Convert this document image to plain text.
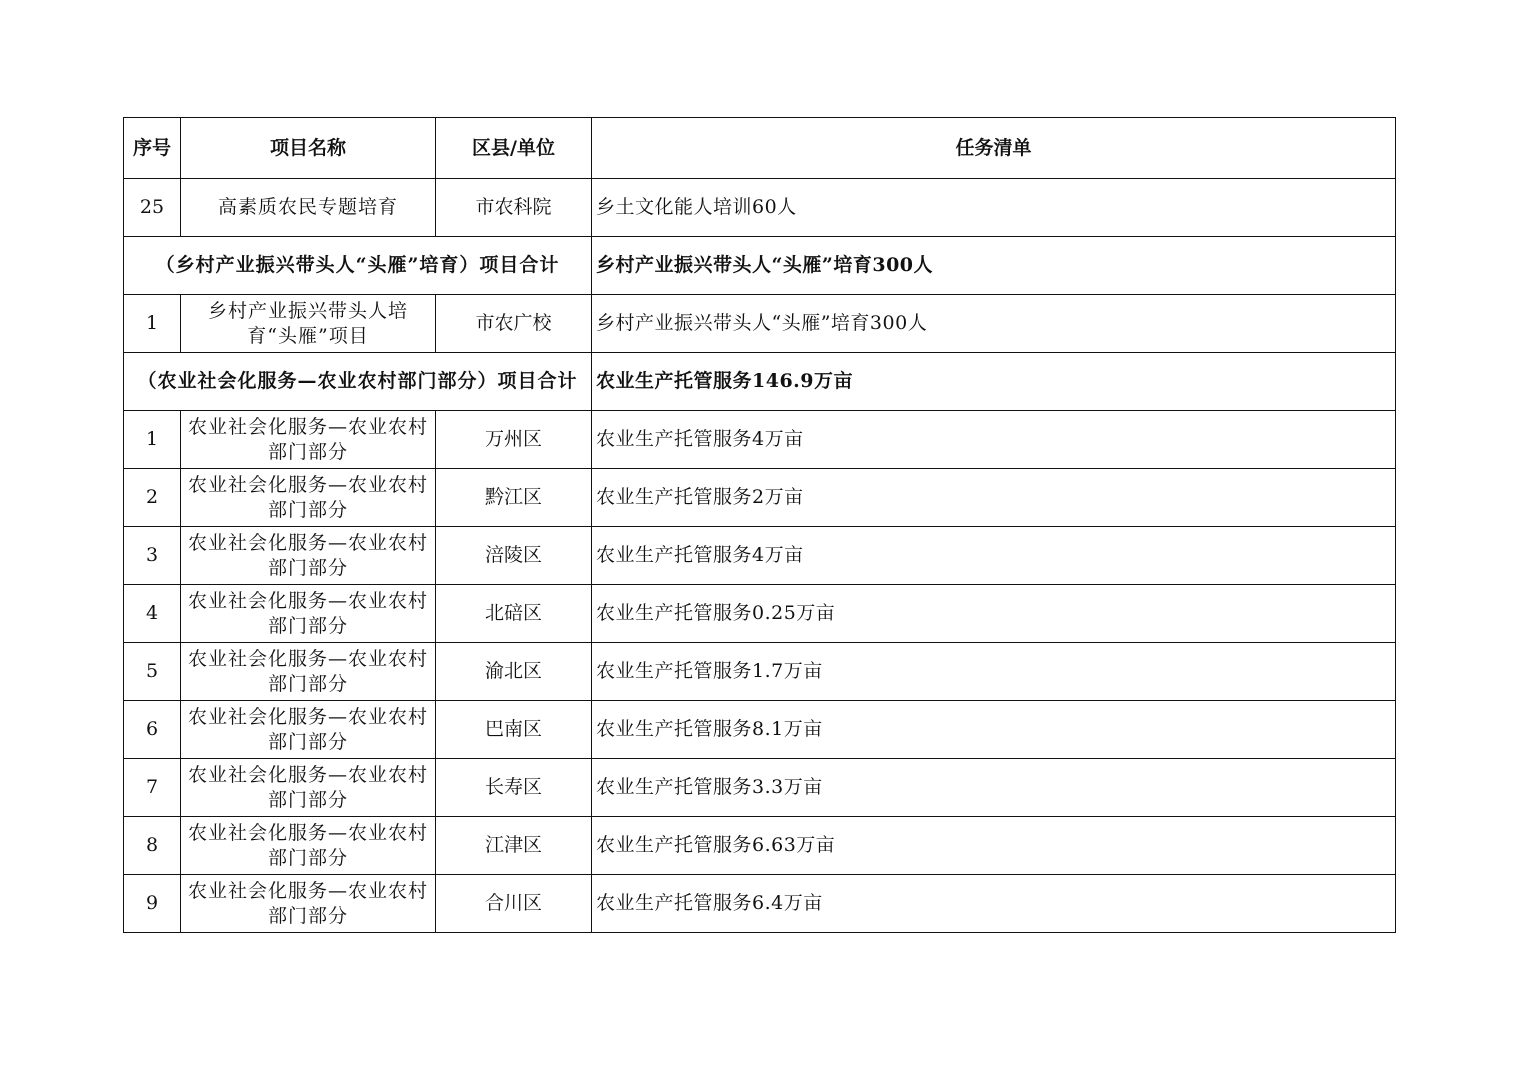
序号	项目名称	区县/单位	任务清单
25	高素质农民专题培育	市农科院	乡土文化能人培训60人
（乡村产业振兴带头人“头雁”培育）项目合计			乡村产业振兴带头人“头雁”培育300人
1	乡村产业振兴带头人培育“头雁”项目	市农广校	乡村产业振兴带头人“头雁”培育300人
（农业社会化服务—农业农村部门部分）项目合计			农业生产托管服务146.9万亩
1	农业社会化服务—农业农村部门部分	万州区	农业生产托管服务4万亩
2	农业社会化服务—农业农村部门部分	黔江区	农业生产托管服务2万亩
3	农业社会化服务—农业农村部门部分	涪陵区	农业生产托管服务4万亩
4	农业社会化服务—农业农村部门部分	北碚区	农业生产托管服务0.25万亩
5	农业社会化服务—农业农村部门部分	渝北区	农业生产托管服务1.7万亩
6	农业社会化服务—农业农村部门部分	巴南区	农业生产托管服务8.1万亩
7	农业社会化服务—农业农村部门部分	长寿区	农业生产托管服务3.3万亩
8	农业社会化服务—农业农村部门部分	江津区	农业生产托管服务6.63万亩
9	农业社会化服务—农业农村部门部分	合川区	农业生产托管服务6.4万亩
